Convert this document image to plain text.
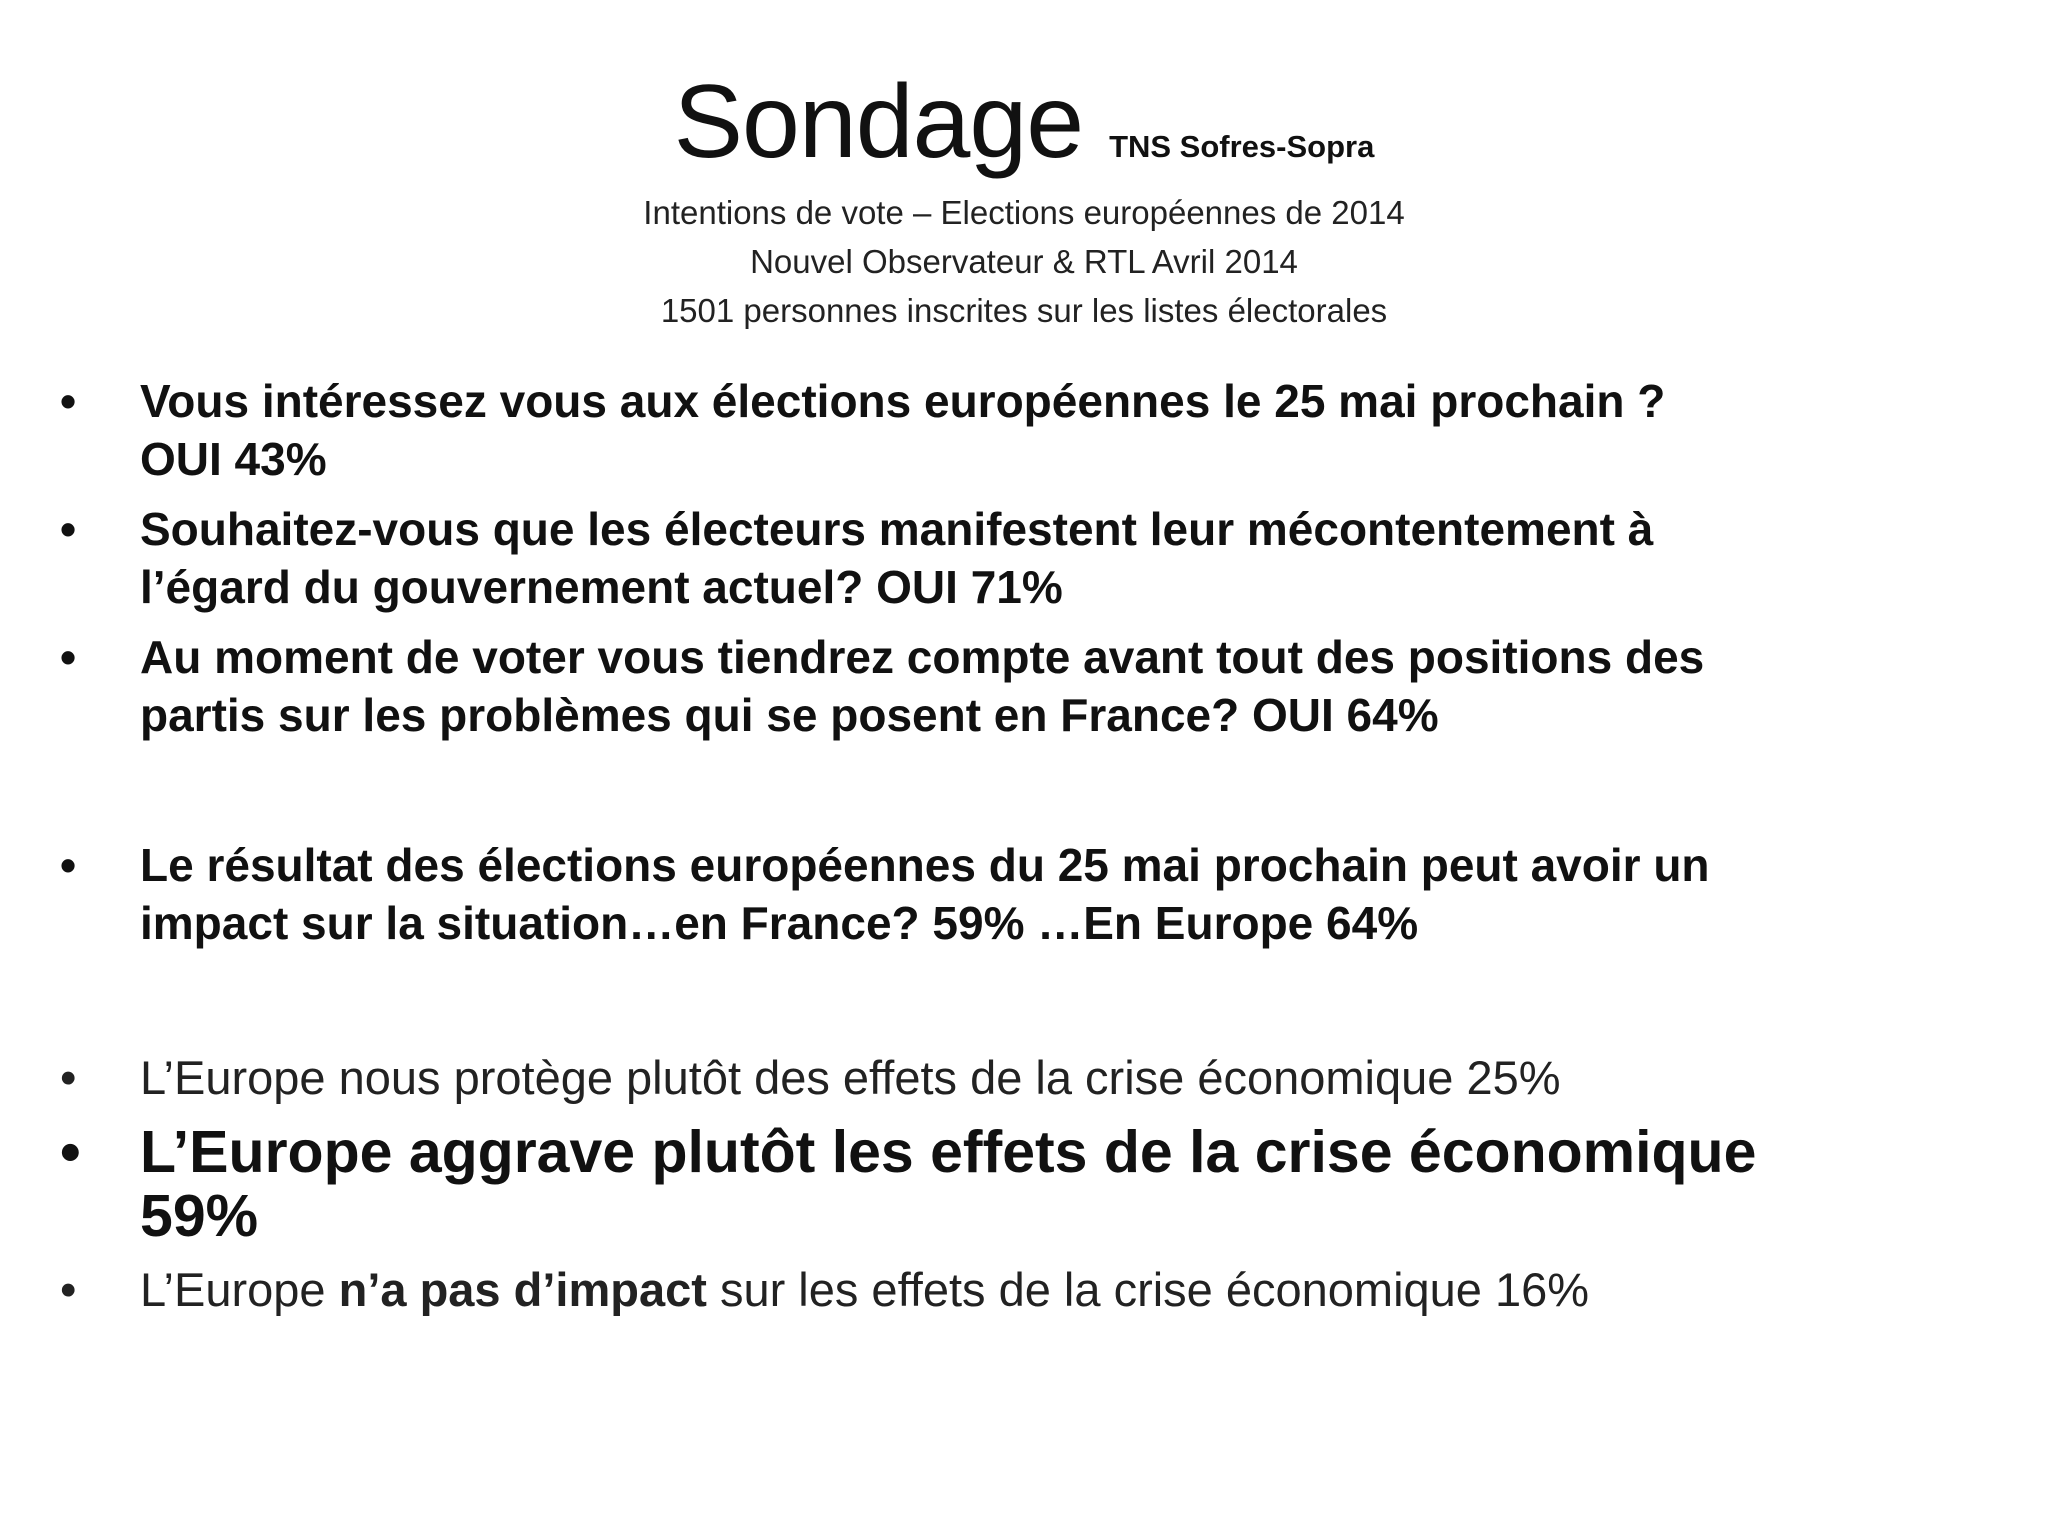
Sondage TNS Sofres-Sopra
Intentions de vote – Elections européennes de 2014
Nouvel Observateur & RTL Avril 2014
1501 personnes inscrites sur les listes électorales
• Vous intéressez vous aux élections européennes le 25 mai prochain ?
OUI 43%
• Souhaitez-vous que les électeurs manifestent leur mécontentement à
l’égard du gouvernement actuel? OUI 71%
• Au moment de voter vous tiendrez compte avant tout des positions des
partis sur les problèmes qui se posent en France? OUI 64%
• Le résultat des élections européennes du 25 mai prochain peut avoir un
impact sur la situation…en France? 59% …En Europe 64%
• L’Europe nous protège plutôt des effets de la crise économique 25%
• L’Europe aggrave plutôt les effets de la crise économique
59%
• L’Europe n’a pas d’impact sur les effets de la crise économique 16%
